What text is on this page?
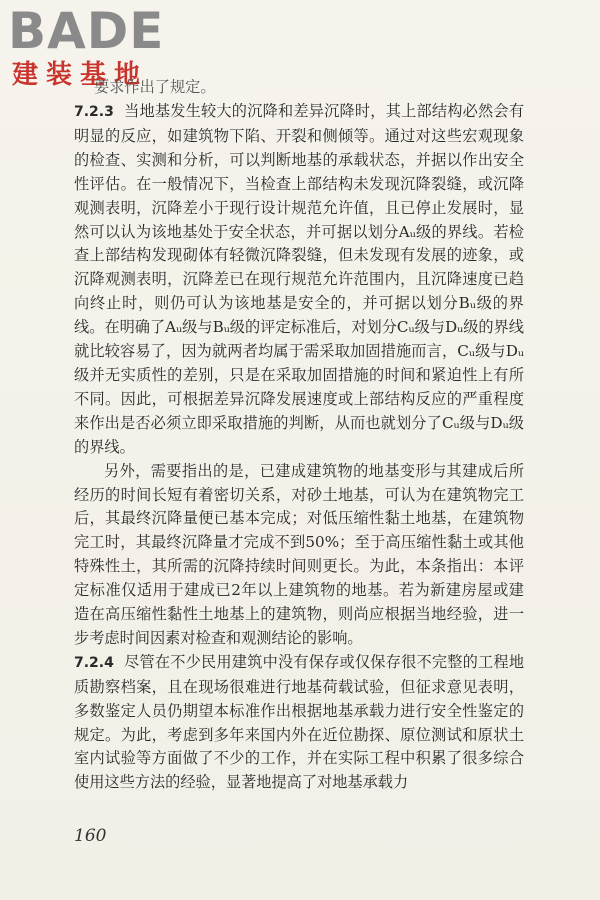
BADE
建装基地

要求作出了规定。

7.2.3 当地基发生较大的沉降和差异沉降时，其上部结构必然会有明显的反应，如建筑物下陷、开裂和侧倾等。通过对这些宏观现象的检查、实测和分析，可以判断地基的承载状态，并据以作出安全性评估。在一般情况下，当检查上部结构未发现沉降裂缝，或沉降观测表明，沉降差小于现行设计规范允许值，且已停止发展时，显然可以认为该地基处于安全状态，并可据以划分Aᵤ级的界线。若检查上部结构发现砌体有轻微沉降裂缝，但未发现有发展的迹象，或沉降观测表明，沉降差已在现行规范允许范围内，且沉降速度已趋向终止时，则仍可认为该地基是安全的，并可据以划分Bᵤ级的界线。在明确了Aᵤ级与Bᵤ级的评定标准后，对划分Cᵤ级与Dᵤ级的界线就比较容易了，因为就两者均属于需采取加固措施而言，Cᵤ级与Dᵤ级并无实质性的差别，只是在采取加固措施的时间和紧迫性上有所不同。因此，可根据差异沉降发展速度或上部结构反应的严重程度来作出是否必须立即采取措施的判断，从而也就划分了Cᵤ级与Dᵤ级的界线。

另外，需要指出的是，已建成建筑物的地基变形与其建成后所经历的时间长短有着密切关系，对砂土地基，可认为在建筑物完工后，其最终沉降量便已基本完成；对低压缩性黏土地基，在建筑物完工时，其最终沉降量才完成不到50%；至于高压缩性黏土或其他特殊性土，其所需的沉降持续时间则更长。为此，本条指出：本评定标准仅适用于建成已2年以上建筑物的地基。若为新建房屋或建造在高压缩性黏性土地基上的建筑物，则尚应根据当地经验，进一步考虑时间因素对检查和观测结论的影响。

7.2.4 尽管在不少民用建筑中没有保存或仅保存很不完整的工程地质勘察档案，且在现场很难进行地基荷载试验，但征求意见表明，多数鉴定人员仍期望本标准作出根据地基承载力进行安全性鉴定的规定。为此，考虑到多年来国内外在近位勘探、原位测试和原状土室内试验等方面做了不少的工作，并在实际工程中积累了很多综合使用这些方法的经验，显著地提高了对地基承载力

160
